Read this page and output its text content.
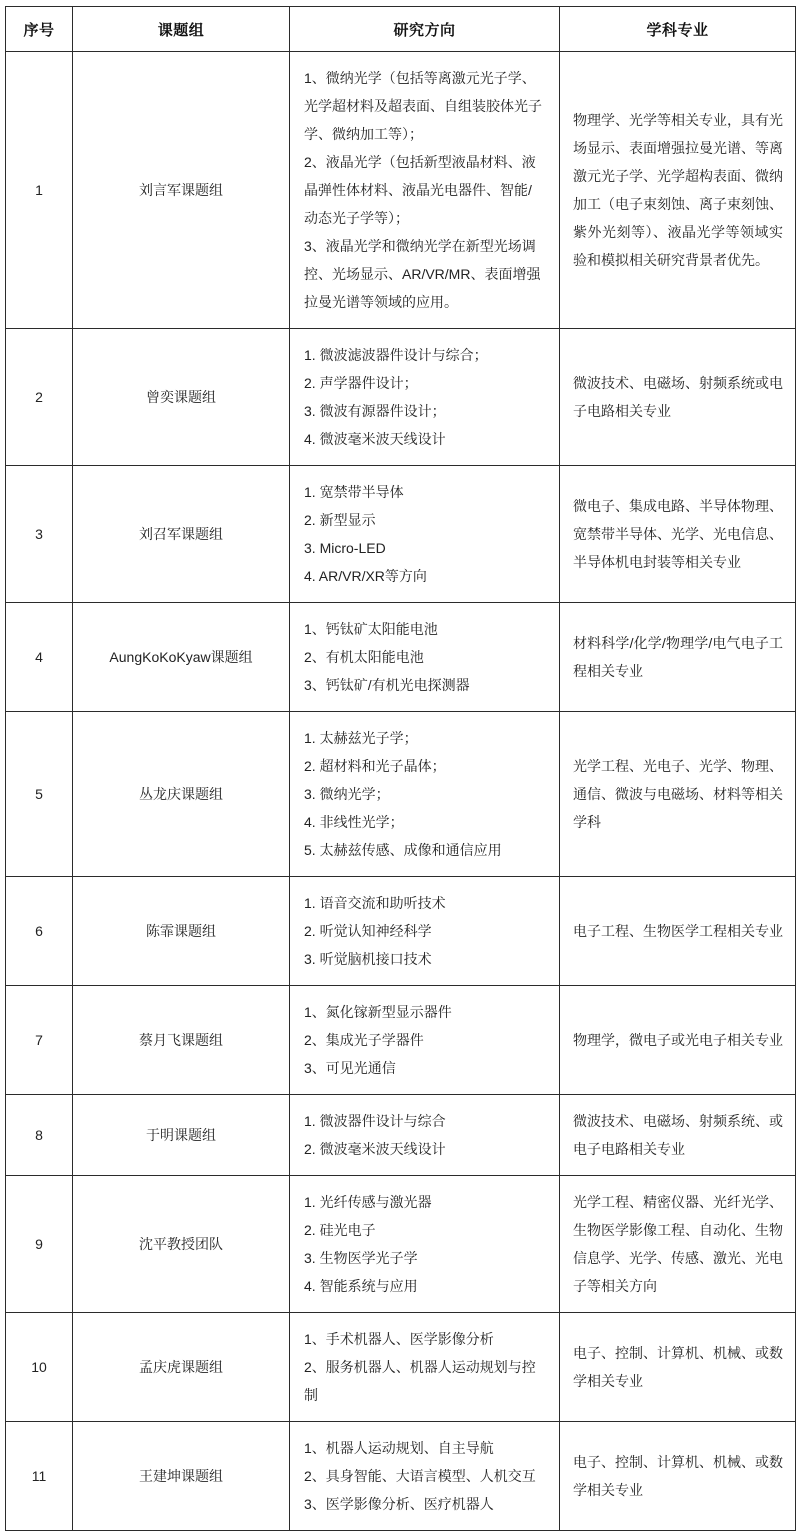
序号	课题组	研究方向	学科专业
1	刘言军课题组	1、微纳光学（包括等离激元光子学、光学超材料及超表面、自组装胶体光子学、微纳加工等）；
2、液晶光学（包括新型液晶材料、液晶弹性体材料、液晶光电器件、智能/动态光子学等）；
3、液晶光学和微纳光学在新型光场调控、光场显示、AR/VR/MR、表面增强拉曼光谱等领域的应用。	物理学、光学等相关专业，具有光场显示、表面增强拉曼光谱、等离激元光子学、光学超构表面、微纳加工（电子束刻蚀、离子束刻蚀、紫外光刻等）、液晶光学等领域实验和模拟相关研究背景者优先。

2	曾奕课题组	1. 微波滤波器件设计与综合；
2. 声学器件设计；
3. 微波有源器件设计；
4. 微波毫米波天线设计	微波技术、电磁场、射频系统或电子电路相关专业

3	刘召军课题组	1. 宽禁带半导体
2. 新型显示
3. Micro-LED
4. AR/VR/XR等方向	微电子、集成电路、半导体物理、宽禁带半导体、光学、光电信息、半导体机电封装等相关专业

4	AungKoKoKyaw课题组	1、钙钛矿太阳能电池
2、有机太阳能电池
3、钙钛矿/有机光电探测器	材料科学/化学/物理学/电气电子工程相关专业

5	丛龙庆课题组	1. 太赫兹光子学；
2. 超材料和光子晶体；
3. 微纳光学；
4. 非线性光学；
5. 太赫兹传感、成像和通信应用	光学工程、光电子、光学、物理、通信、微波与电磁场、材料等相关学科

6	陈霏课题组	1. 语音交流和助听技术
2. 听觉认知神经科学
3. 听觉脑机接口技术	电子工程、生物医学工程相关专业

7	蔡月飞课题组	1、氮化镓新型显示器件
2、集成光子学器件
3、可见光通信	物理学，微电子或光电子相关专业

8	于明课题组	1. 微波器件设计与综合
2. 微波毫米波天线设计	微波技术、电磁场、射频系统、或电子电路相关专业

9	沈平教授团队	1. 光纤传感与激光器
2. 硅光电子
3. 生物医学光子学
4. 智能系统与应用	光学工程、精密仪器、光纤光学、生物医学影像工程、自动化、生物信息学、光学、传感、激光、光电子等相关方向

10	孟庆虎课题组	1、手术机器人、医学影像分析
2、服务机器人、机器人运动规划与控制	电子、控制、计算机、机械、或数学相关专业

11	王建坤课题组	1、机器人运动规划、自主导航
2、具身智能、大语言模型、人机交互
3、医学影像分析、医疗机器人	电子、控制、计算机、机械、或数学相关专业
